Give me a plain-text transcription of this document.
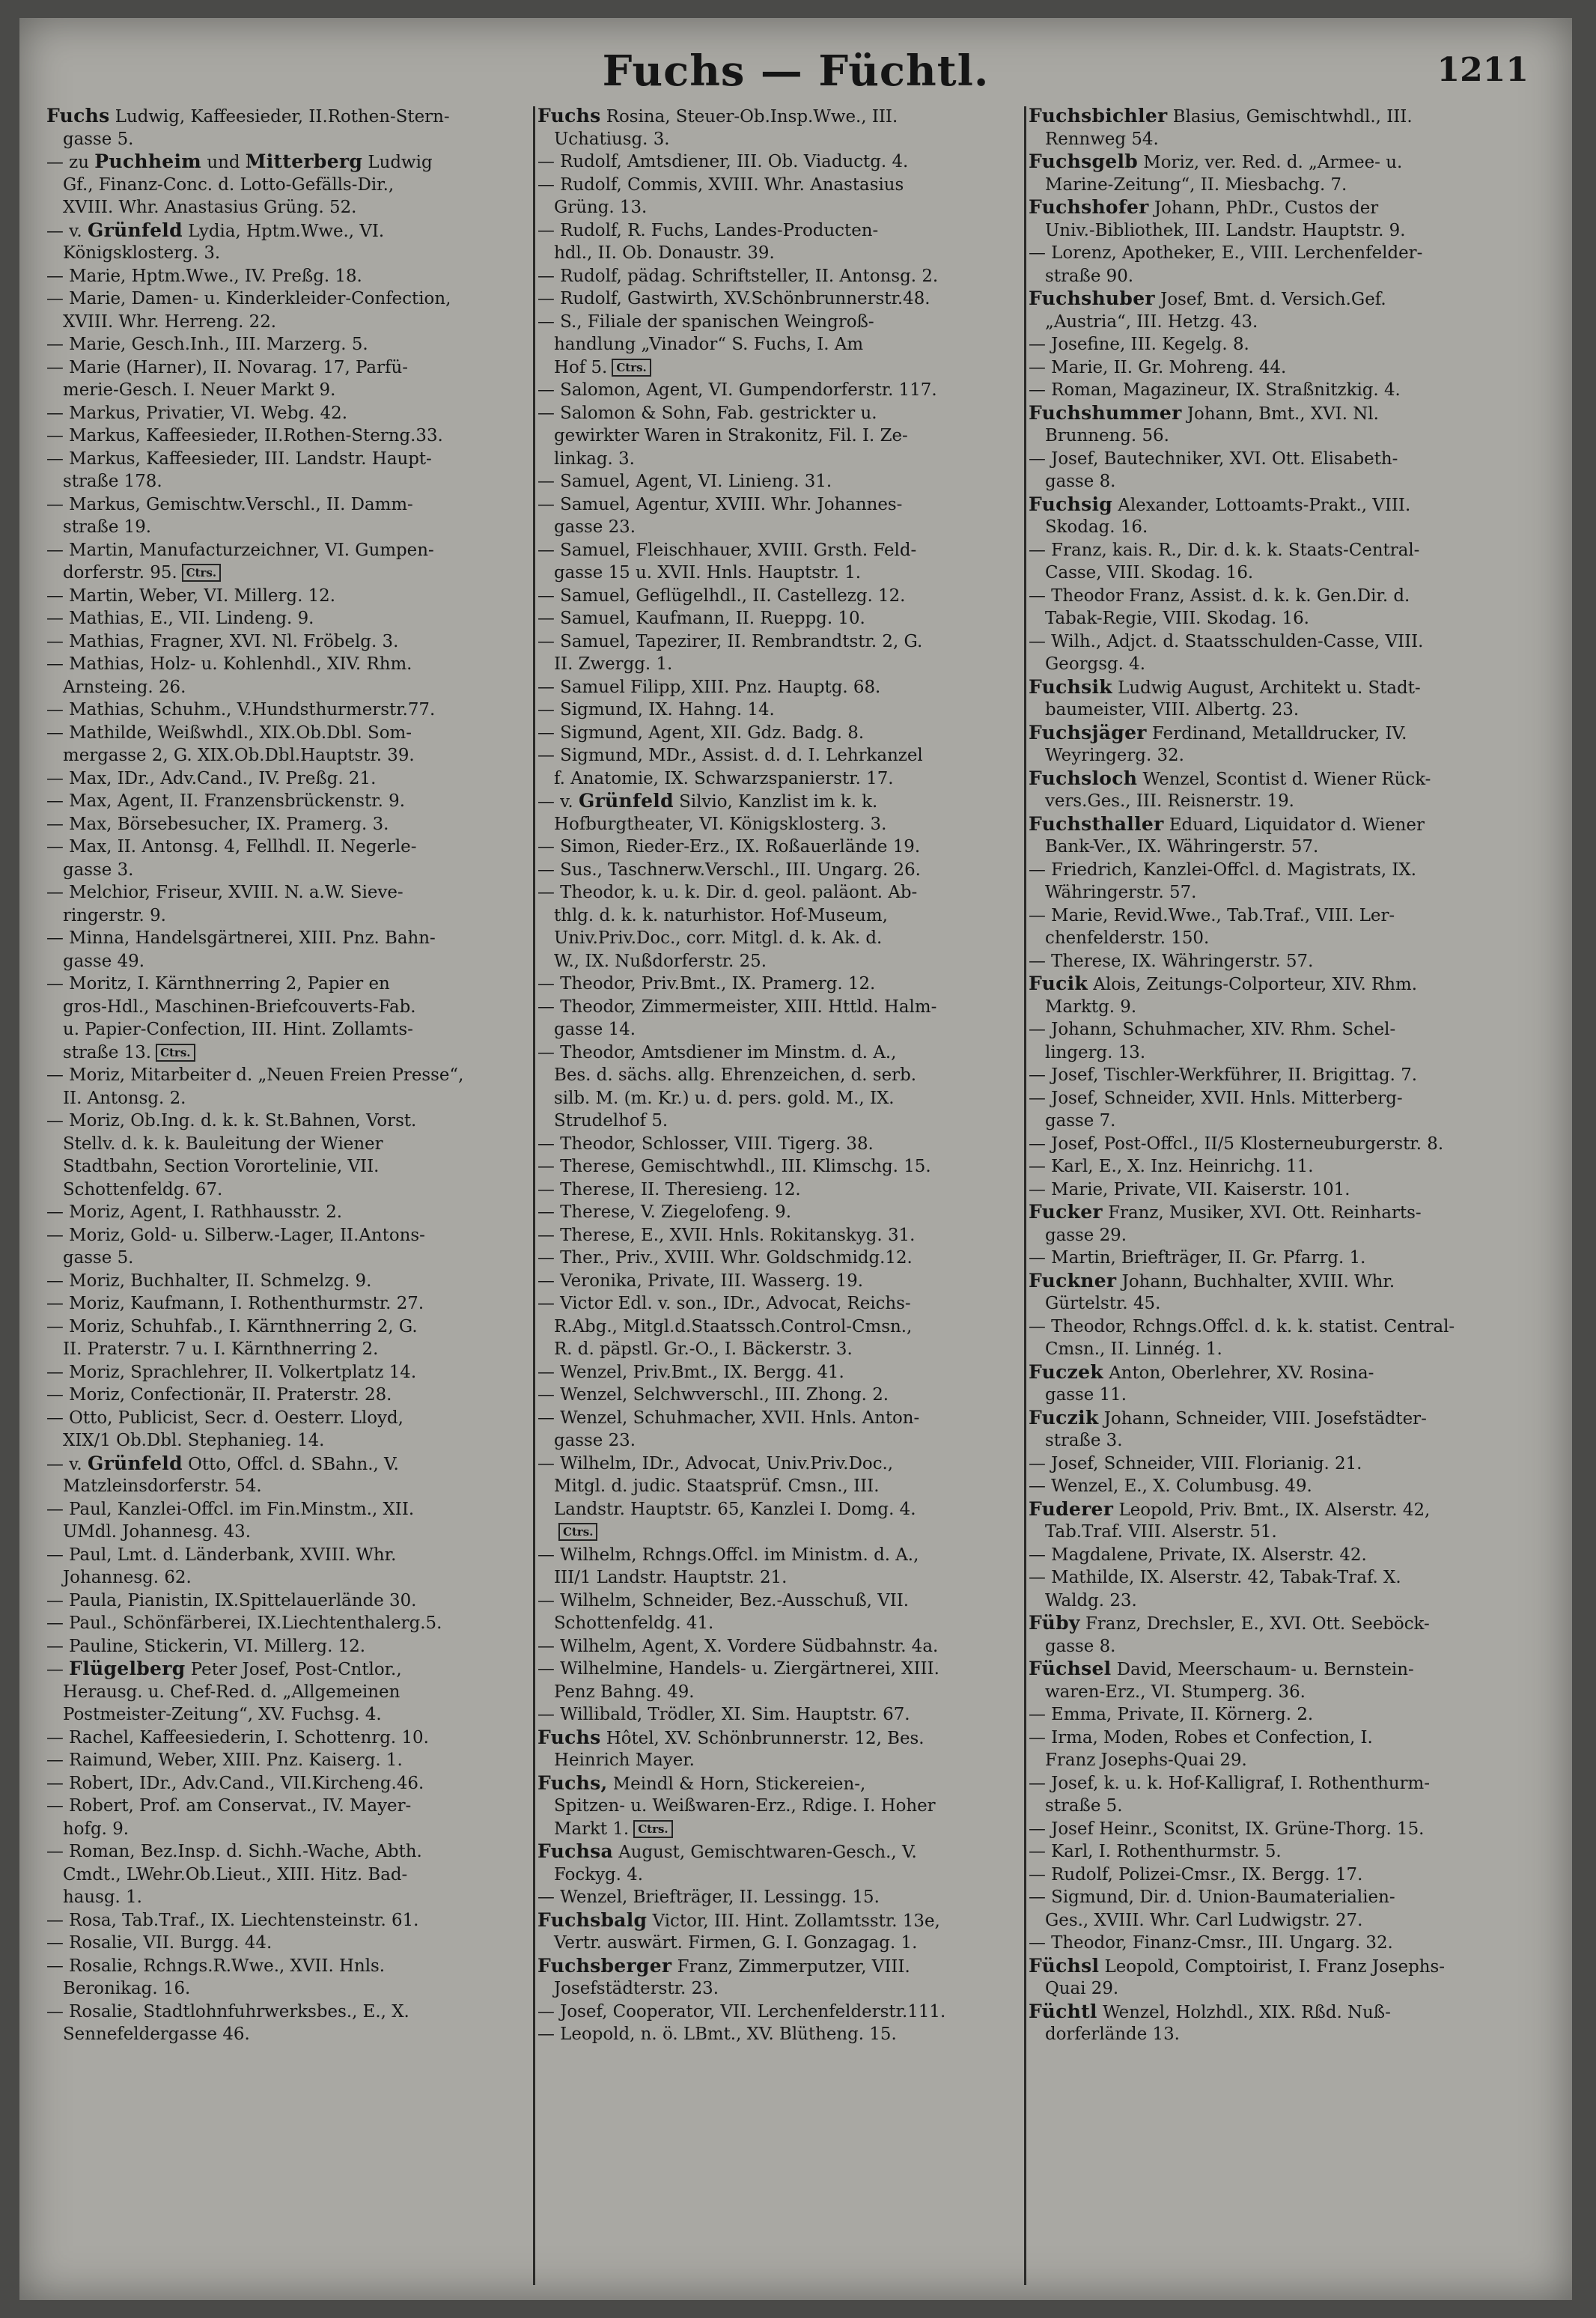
Fuchs — Füchtl.	1211
Fuchs Ludwig, Kaffeesieder, II.Rothen-Stern-
gasse 5.
— zu Puchheim und Mitterberg Ludwig
Gf., Finanz-Conc. d. Lotto-Gefälls-Dir.,
XVIII. Whr. Anastasius Grüng. 52.
— v. Grünfeld Lydia, Hptm.Wwe., VI.
Königsklosterg. 3.
— Marie, Hptm.Wwe., IV. Preßg. 18.
— Marie, Damen- u. Kinderkleider-Confection,
XVIII. Whr. Herreng. 22.
— Marie, Gesch.Inh., III. Marzerg. 5.
— Marie (Harner), II. Novarag. 17, Parfü-
merie-Gesch. I. Neuer Markt 9.
— Markus, Privatier, VI. Webg. 42.
— Markus, Kaffeesieder, II.Rothen-Sterng.33.
— Markus, Kaffeesieder, III. Landstr. Haupt-
straße 178.
— Markus, Gemischtw.Verschl., II. Damm-
straße 19.
— Martin, Manufacturzeichner, VI. Gumpen-
dorferstr. 95. Ctrs.
— Martin, Weber, VI. Millerg. 12.
— Mathias, E., VII. Lindeng. 9.
— Mathias, Fragner, XVI. Nl. Fröbelg. 3.
— Mathias, Holz- u. Kohlenhdl., XIV. Rhm.
Arnsteing. 26.
— Mathias, Schuhm., V.Hundsthurmerstr.77.
— Mathilde, Weißwhdl., XIX.Ob.Dbl. Som-
mergasse 2, G. XIX.Ob.Dbl.Hauptstr. 39.
— Max, IDr., Adv.Cand., IV. Preßg. 21.
— Max, Agent, II. Franzensbrückenstr. 9.
— Max, Börsebesucher, IX. Pramerg. 3.
— Max, II. Antonsg. 4, Fellhdl. II. Negerle-
gasse 3.
— Melchior, Friseur, XVIII. N. a.W. Sieve-
ringerstr. 9.
— Minna, Handelsgärtnerei, XIII. Pnz. Bahn-
gasse 49.
— Moritz, I. Kärnthnerring 2, Papier en
gros-Hdl., Maschinen-Briefcouverts-Fab.
u. Papier-Confection, III. Hint. Zollamts-
straße 13. Ctrs.
— Moriz, Mitarbeiter d. „Neuen Freien Presse“,
II. Antonsg. 2.
— Moriz, Ob.Ing. d. k. k. St.Bahnen, Vorst.
Stellv. d. k. k. Bauleitung der Wiener
Stadtbahn, Section Vorortelinie, VII.
Schottenfeldg. 67.
— Moriz, Agent, I. Rathhausstr. 2.
— Moriz, Gold- u. Silberw.-Lager, II.Antons-
gasse 5.
— Moriz, Buchhalter, II. Schmelzg. 9.
— Moriz, Kaufmann, I. Rothenthurmstr. 27.
— Moriz, Schuhfab., I. Kärnthnerring 2, G.
II. Praterstr. 7 u. I. Kärnthnerring 2.
— Moriz, Sprachlehrer, II. Volkertplatz 14.
— Moriz, Confectionär, II. Praterstr. 28.
— Otto, Publicist, Secr. d. Oesterr. Lloyd,
XIX/1 Ob.Dbl. Stephanieg. 14.
— v. Grünfeld Otto, Offcl. d. SBahn., V.
Matzleinsdorferstr. 54.
— Paul, Kanzlei-Offcl. im Fin.Minstm., XII.
UMdl. Johannesg. 43.
— Paul, Lmt. d. Länderbank, XVIII. Whr.
Johannesg. 62.
— Paula, Pianistin, IX.Spittelauerlände 30.
— Paul., Schönfärberei, IX.Liechtenthalerg.5.
— Pauline, Stickerin, VI. Millerg. 12.
— Flügelberg Peter Josef, Post-Cntlor.,
Herausg. u. Chef-Red. d. „Allgemeinen
Postmeister-Zeitung“, XV. Fuchsg. 4.
— Rachel, Kaffeesiederin, I. Schottenrg. 10.
— Raimund, Weber, XIII. Pnz. Kaiserg. 1.
— Robert, IDr., Adv.Cand., VII.Kircheng.46.
— Robert, Prof. am Conservat., IV. Mayer-
hofg. 9.
— Roman, Bez.Insp. d. Sichh.-Wache, Abth.
Cmdt., LWehr.Ob.Lieut., XIII. Hitz. Bad-
hausg. 1.
— Rosa, Tab.Traf., IX. Liechtensteinstr. 61.
— Rosalie, VII. Burgg. 44.
— Rosalie, Rchngs.R.Wwe., XVII. Hnls.
Beronikag. 16.
— Rosalie, Stadtlohnfuhrwerksbes., E., X.
Sennefeldergasse 46.
Fuchs Rosina, Steuer-Ob.Insp.Wwe., III.
Uchatiusg. 3.
— Rudolf, Amtsdiener, III. Ob. Viaductg. 4.
— Rudolf, Commis, XVIII. Whr. Anastasius
Grüng. 13.
— Rudolf, R. Fuchs, Landes-Producten-
hdl., II. Ob. Donaustr. 39.
— Rudolf, pädag. Schriftsteller, II. Antonsg. 2.
— Rudolf, Gastwirth, XV.Schönbrunnerstr.48.
— S., Filiale der spanischen Weingroß-
handlung „Vinador“ S. Fuchs, I. Am
Hof 5. Ctrs.
— Salomon, Agent, VI. Gumpendorferstr. 117.
— Salomon & Sohn, Fab. gestrickter u.
gewirkter Waren in Strakonitz, Fil. I. Ze-
linkag. 3.
— Samuel, Agent, VI. Linieng. 31.
— Samuel, Agentur, XVIII. Whr. Johannes-
gasse 23.
— Samuel, Fleischhauer, XVIII. Grsth. Feld-
gasse 15 u. XVII. Hnls. Hauptstr. 1.
— Samuel, Geflügelhdl., II. Castellezg. 12.
— Samuel, Kaufmann, II. Rueppg. 10.
— Samuel, Tapezirer, II. Rembrandtstr. 2, G.
II. Zwergg. 1.
— Samuel Filipp, XIII. Pnz. Hauptg. 68.
— Sigmund, IX. Hahng. 14.
— Sigmund, Agent, XII. Gdz. Badg. 8.
— Sigmund, MDr., Assist. d. d. I. Lehrkanzel
f. Anatomie, IX. Schwarzspanierstr. 17.
— v. Grünfeld Silvio, Kanzlist im k. k.
Hofburgtheater, VI. Königsklosterg. 3.
— Simon, Rieder-Erz., IX. Roßauerlände 19.
— Sus., Taschnerw.Verschl., III. Ungarg. 26.
— Theodor, k. u. k. Dir. d. geol. paläont. Ab-
thlg. d. k. k. naturhistor. Hof-Museum,
Univ.Priv.Doc., corr. Mitgl. d. k. Ak. d.
W., IX. Nußdorferstr. 25.
— Theodor, Priv.Bmt., IX. Pramerg. 12.
— Theodor, Zimmermeister, XIII. Httld. Halm-
gasse 14.
— Theodor, Amtsdiener im Minstm. d. A.,
Bes. d. sächs. allg. Ehrenzeichen, d. serb.
silb. M. (m. Kr.) u. d. pers. gold. M., IX.
Strudelhof 5.
— Theodor, Schlosser, VIII. Tigerg. 38.
— Therese, Gemischtwhdl., III. Klimschg. 15.
— Therese, II. Theresieng. 12.
— Therese, V. Ziegelofeng. 9.
— Therese, E., XVII. Hnls. Rokitanskyg. 31.
— Ther., Priv., XVIII. Whr. Goldschmidg.12.
— Veronika, Private, III. Wasserg. 19.
— Victor Edl. v. son., IDr., Advocat, Reichs-
R.Abg., Mitgl.d.Staatssch.Control-Cmsn.,
R. d. päpstl. Gr.-O., I. Bäckerstr. 3.
— Wenzel, Priv.Bmt., IX. Bergg. 41.
— Wenzel, Selchwverschl., III. Zhong. 2.
— Wenzel, Schuhmacher, XVII. Hnls. Anton-
gasse 23.
— Wilhelm, IDr., Advocat, Univ.Priv.Doc.,
Mitgl. d. judic. Staatsprüf. Cmsn., III.
Landstr. Hauptstr. 65, Kanzlei I. Domg. 4.
Ctrs.
— Wilhelm, Rchngs.Offcl. im Ministm. d. A.,
III/1 Landstr. Hauptstr. 21.
— Wilhelm, Schneider, Bez.-Ausschuß, VII.
Schottenfeldg. 41.
— Wilhelm, Agent, X. Vordere Südbahnstr. 4a.
— Wilhelmine, Handels- u. Ziergärtnerei, XIII.
Penz Bahng. 49.
— Willibald, Trödler, XI. Sim. Hauptstr. 67.
Fuchs Hôtel, XV. Schönbrunnerstr. 12, Bes.
Heinrich Mayer.
Fuchs, Meindl & Horn, Stickereien-,
Spitzen- u. Weißwaren-Erz., Rdige. I. Hoher
Markt 1. Ctrs.
Fuchsa August, Gemischtwaren-Gesch., V.
Fockyg. 4.
— Wenzel, Briefträger, II. Lessingg. 15.
Fuchsbalg Victor, III. Hint. Zollamtsstr. 13e,
Vertr. auswärt. Firmen, G. I. Gonzagag. 1.
Fuchsberger Franz, Zimmerputzer, VIII.
Josefstädterstr. 23.
— Josef, Cooperator, VII. Lerchenfelderstr.111.
— Leopold, n. ö. LBmt., XV. Blütheng. 15.
Fuchsbichler Blasius, Gemischtwhdl., III.
Rennweg 54.
Fuchsgelb Moriz, ver. Red. d. „Armee- u.
Marine-Zeitung“, II. Miesbachg. 7.
Fuchshofer Johann, PhDr., Custos der
Univ.-Bibliothek, III. Landstr. Hauptstr. 9.
— Lorenz, Apotheker, E., VIII. Lerchenfelder-
straße 90.
Fuchshuber Josef, Bmt. d. Versich.Gef.
„Austria“, III. Hetzg. 43.
— Josefine, III. Kegelg. 8.
— Marie, II. Gr. Mohreng. 44.
— Roman, Magazineur, IX. Straßnitzkig. 4.
Fuchshummer Johann, Bmt., XVI. Nl.
Brunneng. 56.
— Josef, Bautechniker, XVI. Ott. Elisabeth-
gasse 8.
Fuchsig Alexander, Lottoamts-Prakt., VIII.
Skodag. 16.
— Franz, kais. R., Dir. d. k. k. Staats-Central-
Casse, VIII. Skodag. 16.
— Theodor Franz, Assist. d. k. k. Gen.Dir. d.
Tabak-Regie, VIII. Skodag. 16.
— Wilh., Adjct. d. Staatsschulden-Casse, VIII.
Georgsg. 4.
Fuchsik Ludwig August, Architekt u. Stadt-
baumeister, VIII. Albertg. 23.
Fuchsjäger Ferdinand, Metalldrucker, IV.
Weyringerg. 32.
Fuchsloch Wenzel, Scontist d. Wiener Rück-
vers.Ges., III. Reisnerstr. 19.
Fuchsthaller Eduard, Liquidator d. Wiener
Bank-Ver., IX. Währingerstr. 57.
— Friedrich, Kanzlei-Offcl. d. Magistrats, IX.
Währingerstr. 57.
— Marie, Revid.Wwe., Tab.Traf., VIII. Ler-
chenfelderstr. 150.
— Therese, IX. Währingerstr. 57.
Fucik Alois, Zeitungs-Colporteur, XIV. Rhm.
Marktg. 9.
— Johann, Schuhmacher, XIV. Rhm. Schel-
lingerg. 13.
— Josef, Tischler-Werkführer, II. Brigittag. 7.
— Josef, Schneider, XVII. Hnls. Mitterberg-
gasse 7.
— Josef, Post-Offcl., II/5 Klosterneuburgerstr. 8.
— Karl, E., X. Inz. Heinrichg. 11.
— Marie, Private, VII. Kaiserstr. 101.
Fucker Franz, Musiker, XVI. Ott. Reinharts-
gasse 29.
— Martin, Briefträger, II. Gr. Pfarrg. 1.
Fuckner Johann, Buchhalter, XVIII. Whr.
Gürtelstr. 45.
— Theodor, Rchngs.Offcl. d. k. k. statist. Central-
Cmsn., II. Linnég. 1.
Fuczek Anton, Oberlehrer, XV. Rosina-
gasse 11.
Fuczik Johann, Schneider, VIII. Josefstädter-
straße 3.
— Josef, Schneider, VIII. Florianig. 21.
— Wenzel, E., X. Columbusg. 49.
Fuderer Leopold, Priv. Bmt., IX. Alserstr. 42,
Tab.Traf. VIII. Alserstr. 51.
— Magdalene, Private, IX. Alserstr. 42.
— Mathilde, IX. Alserstr. 42, Tabak-Traf. X.
Waldg. 23.
Füby Franz, Drechsler, E., XVI. Ott. Seeböck-
gasse 8.
Füchsel David, Meerschaum- u. Bernstein-
waren-Erz., VI. Stumperg. 36.
— Emma, Private, II. Körnerg. 2.
— Irma, Moden, Robes et Confection, I.
Franz Josephs-Quai 29.
— Josef, k. u. k. Hof-Kalligraf, I. Rothenthurm-
straße 5.
— Josef Heinr., Sconitst, IX. Grüne-Thorg. 15.
— Karl, I. Rothenthurmstr. 5.
— Rudolf, Polizei-Cmsr., IX. Bergg. 17.
— Sigmund, Dir. d. Union-Baumaterialien-
Ges., XVIII. Whr. Carl Ludwigstr. 27.
— Theodor, Finanz-Cmsr., III. Ungarg. 32.
Füchsl Leopold, Comptoirist, I. Franz Josephs-
Quai 29.
Füchtl Wenzel, Holzhdl., XIX. Rßd. Nuß-
dorferlände 13.
